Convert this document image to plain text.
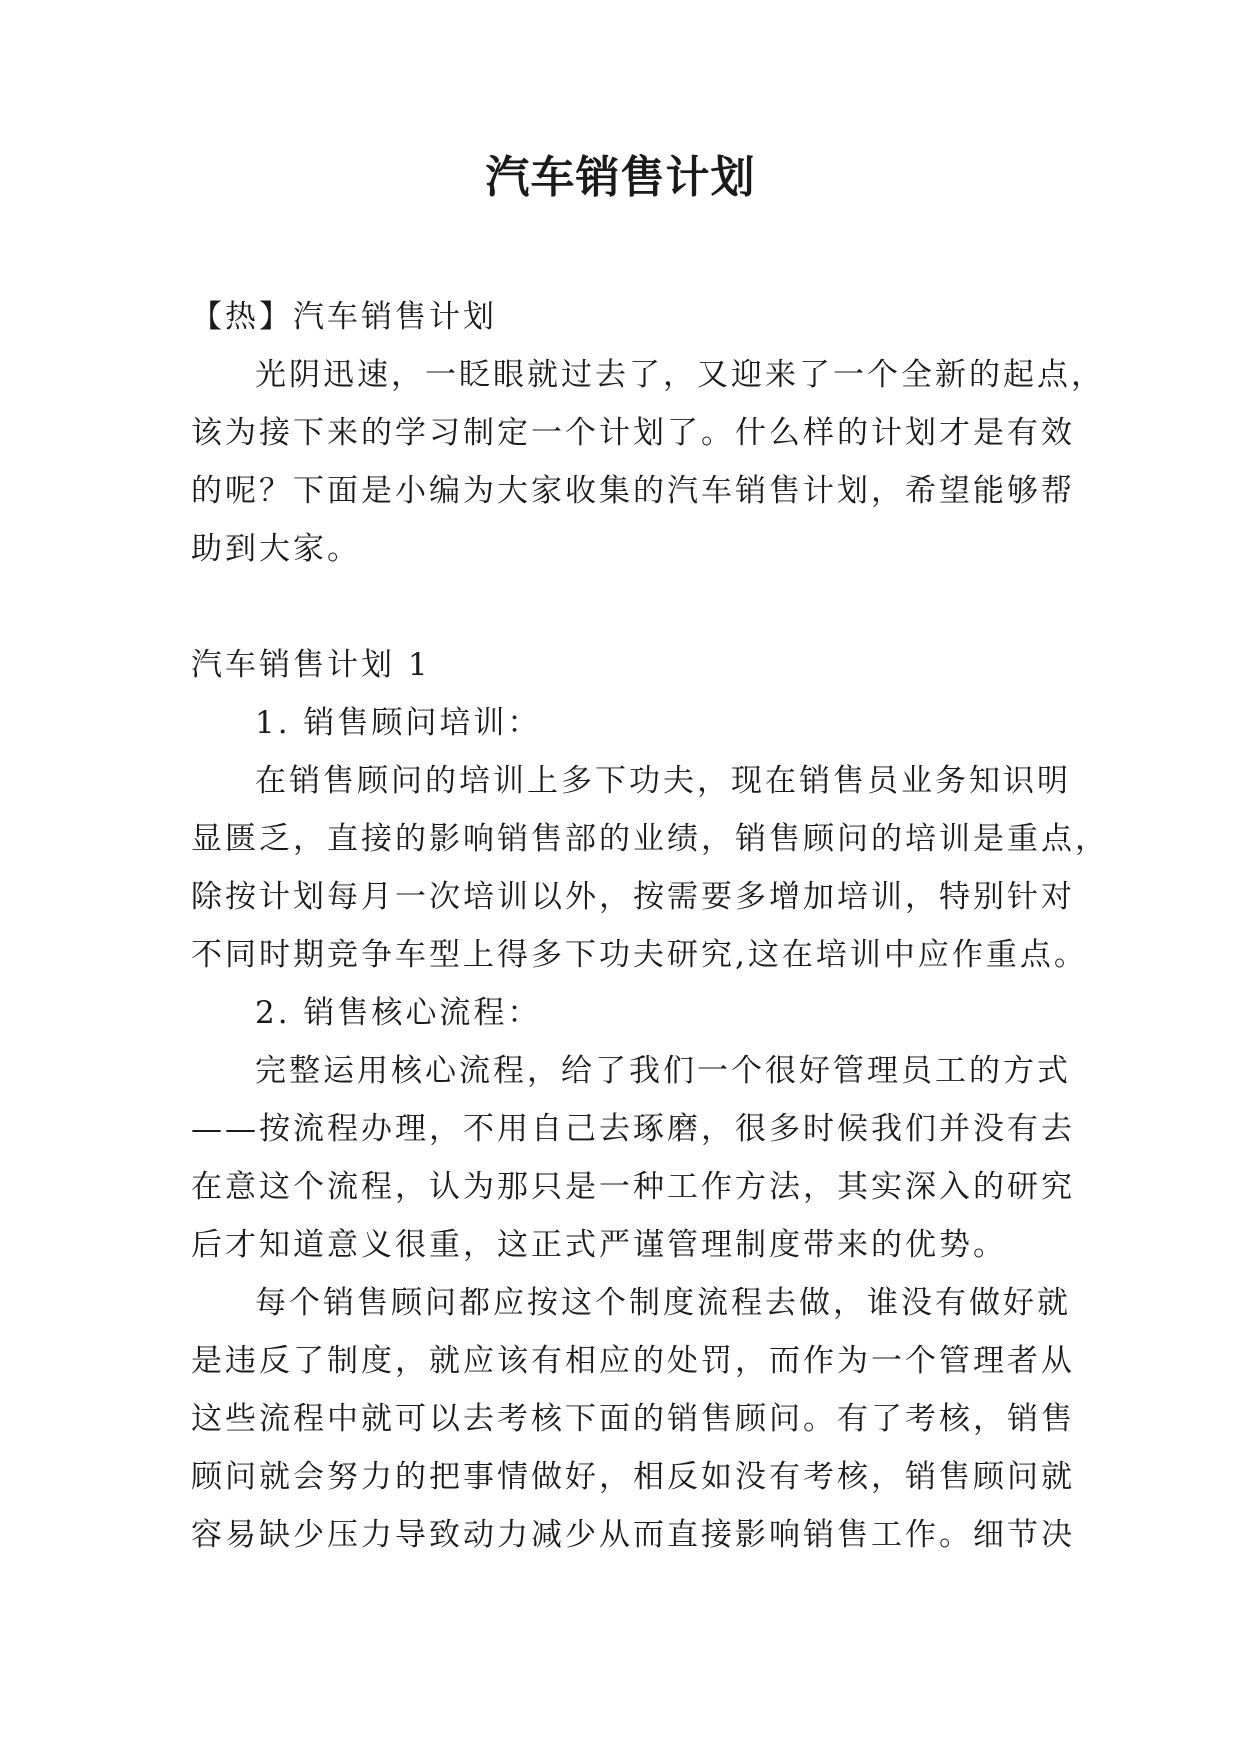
汽车销售计划

【热】汽车销售计划

光阴迅速，一眨眼就过去了，又迎来了一个全新的起点，

该为接下来的学习制定一个计划了。什么样的计划才是有效

的呢？下面是小编为大家收集的汽车销售计划，希望能够帮

助到大家。

汽车销售计划 1

1. 销售顾问培训：

在销售顾问的培训上多下功夫，现在销售员业务知识明

显匮乏，直接的影响销售部的业绩，销售顾问的培训是重点，

除按计划每月一次培训以外，按需要多增加培训，特别针对

不同时期竞争车型上得多下功夫研究,这在培训中应作重点。

2. 销售核心流程：

完整运用核心流程，给了我们一个很好管理员工的方式

——按流程办理，不用自己去琢磨，很多时候我们并没有去

在意这个流程，认为那只是一种工作方法，其实深入的研究

后才知道意义很重，这正式严谨管理制度带来的优势。

每个销售顾问都应按这个制度流程去做，谁没有做好就

是违反了制度，就应该有相应的处罚，而作为一个管理者从

这些流程中就可以去考核下面的销售顾问。有了考核，销售

顾问就会努力的把事情做好，相反如没有考核，销售顾问就

容易缺少压力导致动力减少从而直接影响销售工作。细节决
